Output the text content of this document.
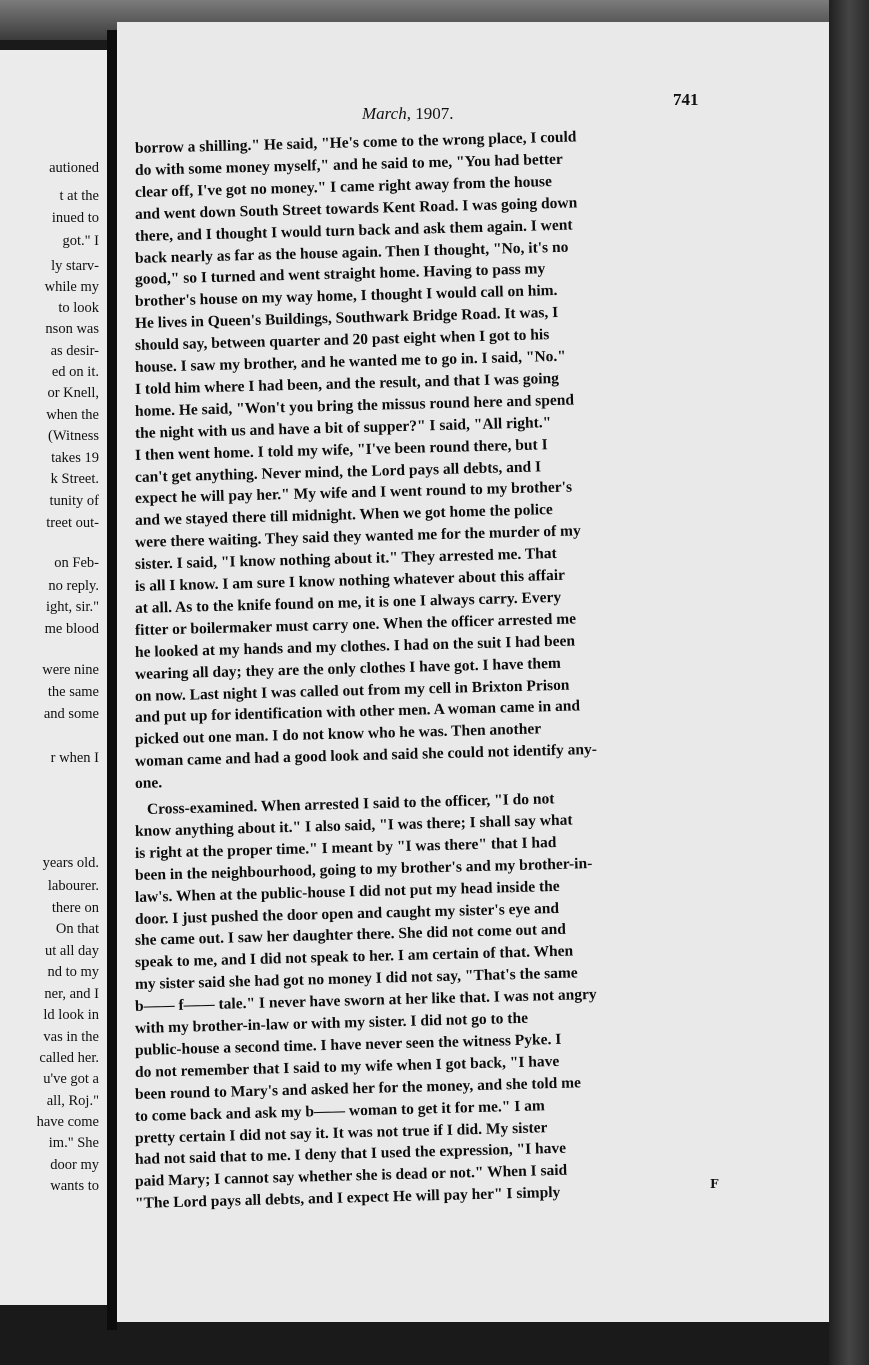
autioned
t at the
inued to
got." I
ly starv-
while my
to look
nson was
as desir-
ed on it.
or Knell,
when the
(Witness
takes 19
k Street.
tunity of
treet out-
on Feb-
no reply.
ight, sir."
me blood
were nine
the same
and some
r when I
years old.
labourer.
there on
On that
ut all day
nd to my
ner, and I
ld look in
vas in the
called her.
u've got a
all, Roj."
have come
im." She
door my
wants to
March, 1907.
741
F
borrow a shilling." He said, "He's come to the wrong place, I could
do with some money myself," and he said to me, "You had better
clear off, I've got no money." I came right away from the house
and went down South Street towards Kent Road. I was going down
there, and I thought I would turn back and ask them again. I went
back nearly as far as the house again. Then I thought, "No, it's no
good," so I turned and went straight home. Having to pass my
brother's house on my way home, I thought I would call on him.
He lives in Queen's Buildings, Southwark Bridge Road. It was, I
should say, between quarter and 20 past eight when I got to his
house. I saw my brother, and he wanted me to go in. I said, "No."
I told him where I had been, and the result, and that I was going
home. He said, "Won't you bring the missus round here and spend
the night with us and have a bit of supper?" I said, "All right."
I then went home. I told my wife, "I've been round there, but I
can't get anything. Never mind, the Lord pays all debts, and I
expect he will pay her." My wife and I went round to my brother's
and we stayed there till midnight. When we got home the police
were there waiting. They said they wanted me for the murder of my
sister. I said, "I know nothing about it." They arrested me. That
is all I know. I am sure I know nothing whatever about this affair
at all. As to the knife found on me, it is one I always carry. Every
fitter or boilermaker must carry one. When the officer arrested me
he looked at my hands and my clothes. I had on the suit I had been
wearing all day; they are the only clothes I have got. I have them
on now. Last night I was called out from my cell in Brixton Prison
and put up for identification with other men. A woman came in and
picked out one man. I do not know who he was. Then another
woman came and had a good look and said she could not identify any-
one.
Cross-examined. When arrested I said to the officer, "I do not
know anything about it." I also said, "I was there; I shall say what
is right at the proper time." I meant by "I was there" that I had
been in the neighbourhood, going to my brother's and my brother-in-
law's. When at the public-house I did not put my head inside the
door. I just pushed the door open and caught my sister's eye and
she came out. I saw her daughter there. She did not come out and
speak to me, and I did not speak to her. I am certain of that. When
my sister said she had got no money I did not say, "That's the same
b—— f—— tale." I never have sworn at her like that. I was not angry
with my brother-in-law or with my sister. I did not go to the
public-house a second time. I have never seen the witness Pyke. I
do not remember that I said to my wife when I got back, "I have
been round to Mary's and asked her for the money, and she told me
to come back and ask my b—— woman to get it for me." I am
pretty certain I did not say it. It was not true if I did. My sister
had not said that to me. I deny that I used the expression, "I have
paid Mary; I cannot say whether she is dead or not." When I said
"The Lord pays all debts, and I expect He will pay her" I simply
